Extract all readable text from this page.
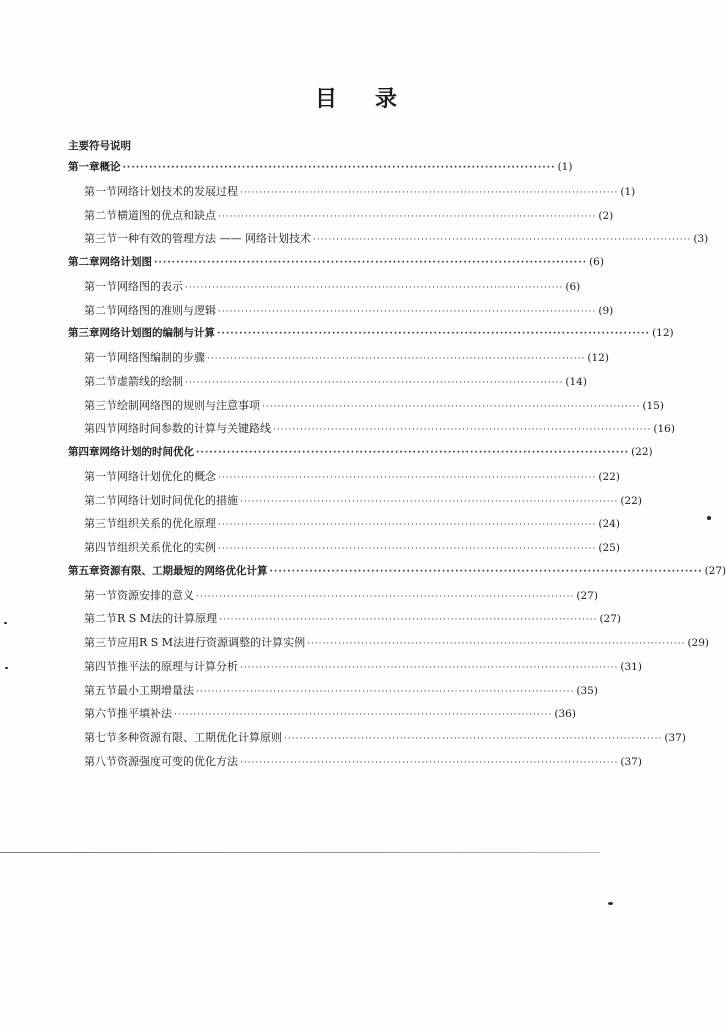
目 录
主要符号说明
第一章 概论 ·································································································· (1)
第一节 网络计划技术的发展过程 ·································································································· (1)
第二节 横道图的优点和缺点 ·································································································· (2)
第三节 一种有效的管理方法 —— 网络计划技术 ·································································································· (3)
第二章 网络计划图 ·································································································· (6)
第一节 网络图的表示 ·································································································· (6)
第二节 网络图的准则与逻辑 ·································································································· (9)
第三章 网络计划图的编制与计算 ·································································································· (12)
第一节 网络图编制的步骤 ·································································································· (12)
第二节 虚箭线的绘制 ·································································································· (14)
第三节 绘制网络图的规则与注意事项 ·································································································· (15)
第四节 网络时间参数的计算与关键路线 ·································································································· (16)
第四章 网络计划的时间优化 ·································································································· (22)
第一节 网络计划优化的概念 ·································································································· (22)
第二节 网络计划时间优化的措施 ·································································································· (22)
第三节 组织关系的优化原理 ·································································································· (24)
第四节 组织关系优化的实例 ·································································································· (25)
第五章 资源有限、工期最短的网络优化计算 ·································································································· (27)
第一节 资源安排的意义 ·································································································· (27)
第二节 R S M法的计算原理 ·································································································· (27)
第三节 应用R S M法进行资源调整的计算实例 ·································································································· (29)
第四节 推平法的原理与计算分析 ·································································································· (31)
第五节 最小工期增量法 ·································································································· (35)
第六节 推平填补法 ·································································································· (36)
第七节 多种资源有限、工期优化计算原则 ·································································································· (37)
第八节 资源强度可变的优化方法 ·································································································· (37)
